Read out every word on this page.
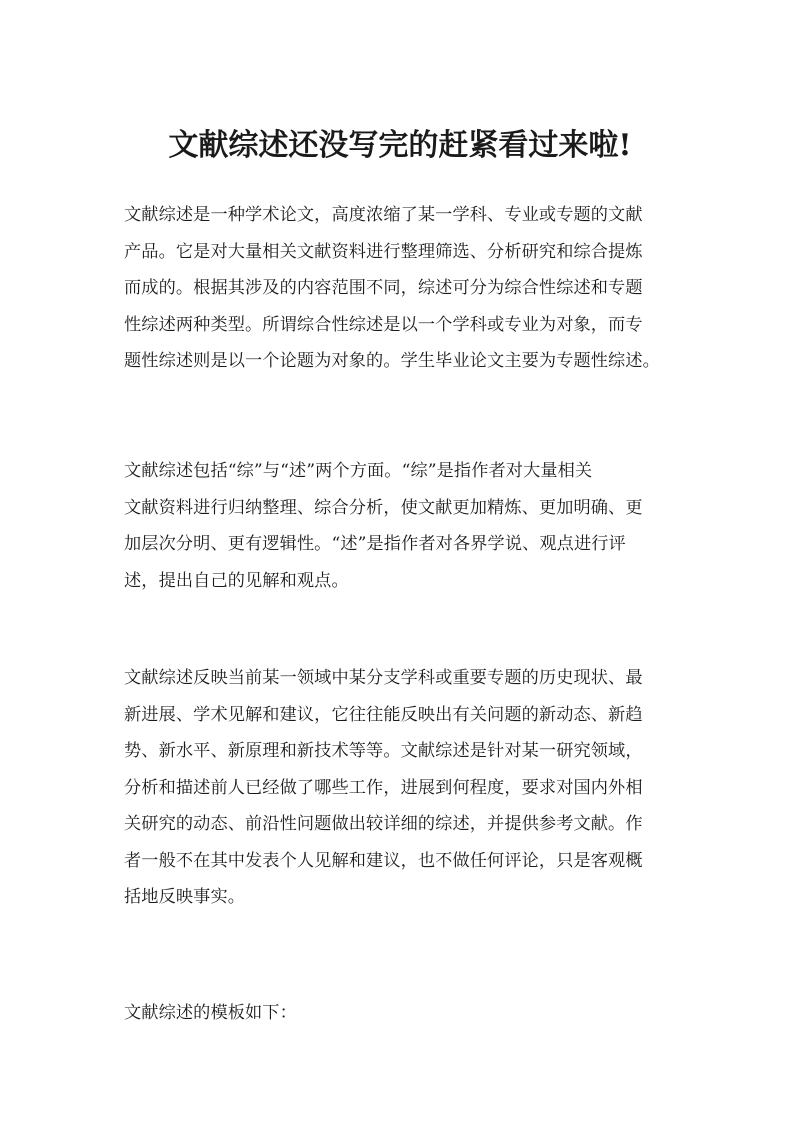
文献综述还没写完的赶紧看过来啦!

文献综述是一种学术论文，高度浓缩了某一学科、专业或专题的文献
产品。它是对大量相关文献资料进行整理筛选、分析研究和综合提炼
而成的。根据其涉及的内容范围不同，综述可分为综合性综述和专题
性综述两种类型。所谓综合性综述是以一个学科或专业为对象，而专
题性综述则是以一个论题为对象的。学生毕业论文主要为专题性综述。

文献综述包括“综”与“述”两个方面。“综”是指作者对大量相关
文献资料进行归纳整理、综合分析，使文献更加精炼、更加明确、更
加层次分明、更有逻辑性。“述”是指作者对各界学说、观点进行评
述，提出自己的见解和观点。

文献综述反映当前某一领域中某分支学科或重要专题的历史现状、最
新进展、学术见解和建议，它往往能反映出有关问题的新动态、新趋
势、新水平、新原理和新技术等等。文献综述是针对某一研究领域，
分析和描述前人已经做了哪些工作，进展到何程度，要求对国内外相
关研究的动态、前沿性问题做出较详细的综述，并提供参考文献。作
者一般不在其中发表个人见解和建议，也不做任何评论，只是客观概
括地反映事实。

文献综述的模板如下：
